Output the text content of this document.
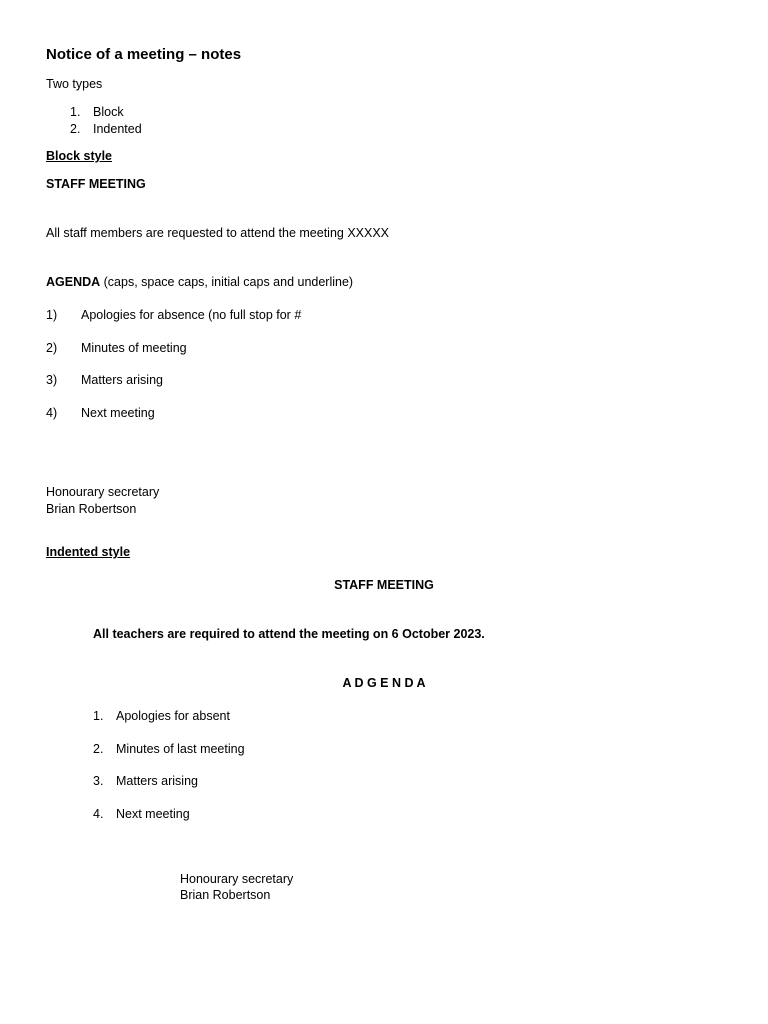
Notice of a meeting – notes
Two types
1. Block
2. Indented
Block style
STAFF MEETING
All staff members are requested to attend the meeting XXXXX
AGENDA (caps, space caps, initial caps and underline)
1) Apologies for absence (no full stop for #
2) Minutes of meeting
3) Matters arising
4) Next meeting
Honourary secretary
Brian Robertson
Indented style
STAFF MEETING
All teachers are required to attend the meeting on 6 October 2023.
A D G E N D A
1. Apologies for absent
2. Minutes of last meeting
3. Matters arising
4. Next meeting
Honourary secretary
Brian Robertson
